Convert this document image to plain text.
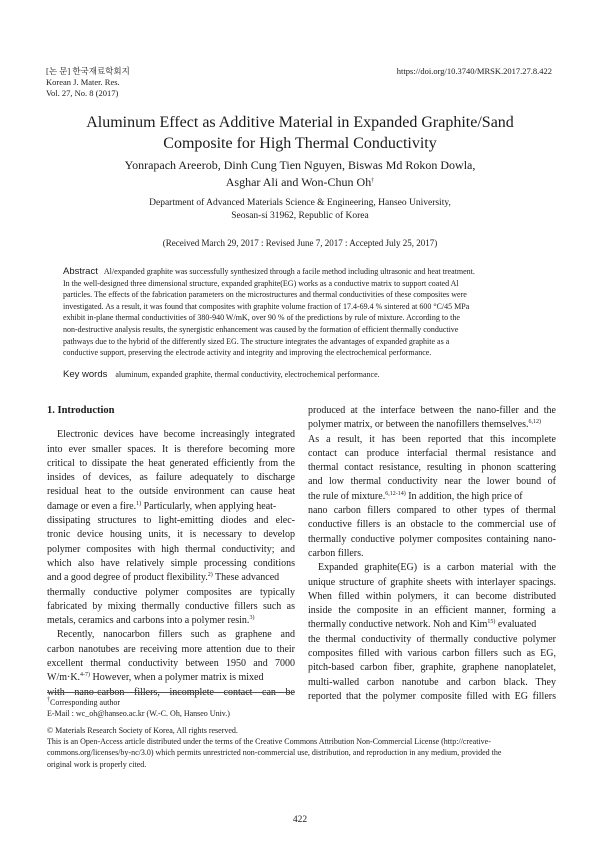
[논 문] 한국재료학회지
Korean J. Mater. Res.
Vol. 27, No. 8 (2017)
https://doi.org/10.3740/MRSK.2017.27.8.422
Aluminum Effect as Additive Material in Expanded Graphite/Sand
Composite for High Thermal Conductivity
Yonrapach Areerob, Dinh Cung Tien Nguyen, Biswas Md Rokon Dowla,
Asghar Ali and Won-Chun Oh†
Department of Advanced Materials Science & Engineering, Hanseo University,
Seosan-si 31962, Republic of Korea
(Received March 29, 2017 : Revised June 7, 2017 : Accepted July 25, 2017)
Abstract Al/expanded graphite was successfully synthesized through a facile method including ultrasonic and heat treatment.
In the well-designed three dimensional structure, expanded graphite(EG) works as a conductive matrix to support coated Al
particles. The effects of the fabrication parameters on the microstructures and thermal conductivities of these composites were
investigated. As a result, it was found that composites with graphite volume fraction of 17.4-69.4 % sintered at 600 °C/45 MPa
exhibit in-plane thermal conductivities of 380-940 W/mK, over 90 % of the predictions by rule of mixture. According to the
non-destructive analysis results, the synergistic enhancement was caused by the formation of efficient thermally conductive
pathways due to the hybrid of the differently sized EG. The structure integrates the advantages of expanded graphite as a
conductive support, preserving the electrode activity and integrity and improving the electrochemical performance.
Key words aluminum, expanded graphite, thermal conductivity, electrochemical performance.
1. Introduction
Electronic devices have become increasingly integrated
into ever smaller spaces. It is therefore becoming more
critical to dissipate the heat generated efficiently from the
insides of devices, as failure adequately to discharge
residual heat to the outside environment can cause heat
damage or even a fire.$^{1)}$ Particularly, when applying heat-
dissipating structures to light-emitting diodes and elec-
tronic device housing units, it is necessary to develop
polymer composites with high thermal conductivity; and
which also have relatively simple processing conditions
and a good degree of product flexibility.$^{2)}$ These advanced
thermally conductive polymer composites are typically
fabricated by mixing thermally conductive fillers such as
metals, ceramics and carbons into a polymer resin.$^{3)}$
Recently, nanocarbon fillers such as graphene and
carbon nanotubes are receiving more attention due to their
excellent thermal conductivity between 1950 and 7000
W/m·K.$^{4-7)}$ However, when a polymer matrix is mixed
with nano-carbon fillers, incomplete contact can be
produced at the interface between the nano-filler and the
polymer matrix, or between the nanofillers themselves.$^{6,12)}$
As a result, it has been reported that this incomplete
contact can produce interfacial thermal resistance and
thermal contact resistance, resulting in phonon scattering
and low thermal conductivity near the lower bound of
the rule of mixture.$^{6,12-14)}$ In addition, the high price of
nano carbon fillers compared to other types of thermal
conductive fillers is an obstacle to the commercial use of
thermally conductive polymer composites containing nano-
carbon fillers.
Expanded graphite(EG) is a carbon material with the
unique structure of graphite sheets with interlayer spacings.
When filled within polymers, it can become distributed
inside the composite in an efficient manner, forming a
thermally conductive network. Noh and Kim$^{15)}$ evaluated
the thermal conductivity of thermally conductive polymer
composites filled with various carbon fillers such as EG,
pitch-based carbon fiber, graphite, graphene nanoplatelet,
multi-walled carbon nanotube and carbon black. They
reported that the polymer composite filled with EG fillers
†Corresponding author
E-Mail : wc_oh@hanseo.ac.kr (W.-C. Oh, Hanseo Univ.)
© Materials Research Society of Korea, All rights reserved.
This is an Open-Access article distributed under the terms of the Creative Commons Attribution Non-Commercial License (http://creative-
commons.org/licenses/by-nc/3.0) which permits unrestricted non-commercial use, distribution, and reproduction in any medium, provided the
original work is properly cited.
422
